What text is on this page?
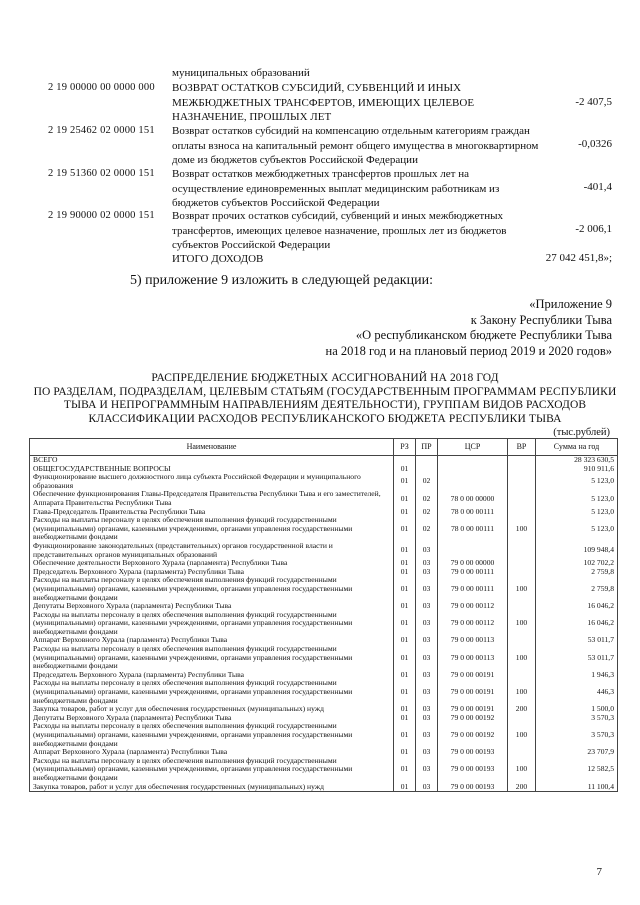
муниципальных образований
2 19 00000 00 0000 000 ВОЗВРАТ ОСТАТКОВ СУБСИДИЙ, СУБВЕНЦИЙ И ИНЫХ МЕЖБЮДЖЕТНЫХ ТРАНСФЕРТОВ, ИМЕЮЩИХ ЦЕЛЕВОЕ НАЗНАЧЕНИЕ, ПРОШЛЫХ ЛЕТ
-2 407,5
2 19 25462 02 0000 151 Возврат остатков субсидий на компенсацию отдельным категориям граждан оплаты взноса на капитальный ремонт общего имущества в многоквартирном доме из бюджетов субъектов Российской Федерации
-0,0326
2 19 51360 02 0000 151 Возврат остатков межбюджетных трансфертов прошлых лет на осуществление единовременных выплат медицинским работникам из бюджетов субъектов Российской Федерации
-401,4
2 19 90000 02 0000 151 Возврат прочих остатков субсидий, субвенций и иных межбюджетных трансфертов, имеющих целевое назначение, прошлых лет из бюджетов субъектов Российской Федерации
-2 006,1
ИТОГО ДОХОДОВ	27 042 451,8»;
5) приложение 9 изложить в следующей редакции:
«Приложение 9
к Закону Республики Тыва
«О республиканском бюджете Республики Тыва
на 2018 год и на плановый период 2019 и 2020 годов»
РАСПРЕДЕЛЕНИЕ БЮДЖЕТНЫХ АССИГНОВАНИЙ НА 2018 ГОД
ПО РАЗДЕЛАМ, ПОДРАЗДЕЛАМ, ЦЕЛЕВЫМ СТАТЬЯМ (ГОСУДАРСТВЕННЫМ ПРОГРАММАМ РЕСПУБЛИКИ
ТЫВА И НЕПРОГРАММНЫМ НАПРАВЛЕНИЯМ ДЕЯТЕЛЬНОСТИ), ГРУППАМ ВИДОВ РАСХОДОВ
КЛАССИФИКАЦИИ РАСХОДОВ РЕСПУБЛИКАНСКОГО БЮДЖЕТА РЕСПУБЛИКИ ТЫВА
(тыс.рублей)
Наименование	РЗ	ПР	ЦСР	ВР	Сумма на год
ВСЕГО					28 323 630,5
ОБЩЕГОСУДАРСТВЕННЫЕ ВОПРОСЫ	01				910 911,6
Функционирование высшего должностного лица субъекта Российской Федерации и муниципального образования	01	02			5 123,0
Обеспечение функционирования Главы-Председателя Правительства Республики Тыва и его заместителей, Аппарата Правительства Республики Тыва	01	02	78 0 00 00000		5 123,0
Глава-Председатель Правительства Республики Тыва	01	02	78 0 00 00111		5 123,0
Расходы на выплаты персоналу в целях обеспечения выполнения функций государственными (муниципальными) органами, казенными учреждениями, органами управления государственными внебюджетными фондами	01	02	78 0 00 00111	100	5 123,0
Функционирование законодательных (представительных) органов государственной власти и представительных органов муниципальных образований	01	03			109 948,4
Обеспечение деятельности Верховного Хурала (парламента) Республики Тыва	01	03	79 0 00 00000		102 702,2
Председатель Верховного Хурала (парламента) Республики Тыва	01	03	79 0 00 00111		2 759,8
Расходы на выплаты персоналу в целях обеспечения выполнения функций государственными (муниципальными) органами, казенными учреждениями, органами управления государственными внебюджетными фондами	01	03	79 0 00 00111	100	2 759,8
Депутаты Верховного Хурала (парламента) Республики Тыва	01	03	79 0 00 00112		16 046,2
Расходы на выплаты персоналу в целях обеспечения выполнения функций государственными (муниципальными) органами, казенными учреждениями, органами управления государственными внебюджетными фондами	01	03	79 0 00 00112	100	16 046,2
Аппарат Верховного Хурала (парламента) Республики Тыва	01	03	79 0 00 00113		53 011,7
Расходы на выплаты персоналу в целях обеспечения выполнения функций государственными (муниципальными) органами, казенными учреждениями, органами управления государственными внебюджетными фондами	01	03	79 0 00 00113	100	53 011,7
Председатель Верховного Хурала (парламента) Республики Тыва	01	03	79 0 00 00191		1 946,3
Расходы на выплаты персоналу в целях обеспечения выполнения функций государственными (муниципальными) органами, казенными учреждениями, органами управления государственными внебюджетными фондами	01	03	79 0 00 00191	100	446,3
Закупка товаров, работ и услуг для обеспечения государственных (муниципальных) нужд	01	03	79 0 00 00191	200	1 500,0
Депутаты Верховного Хурала (парламента) Республики Тыва	01	03	79 0 00 00192		3 570,3
Расходы на выплаты персоналу в целях обеспечения выполнения функций государственными (муниципальными) органами, казенными учреждениями, органами управления государственными внебюджетными фондами	01	03	79 0 00 00192	100	3 570,3
Аппарат Верховного Хурала (парламента) Республики Тыва	01	03	79 0 00 00193		23 707,9
Расходы на выплаты персоналу в целях обеспечения выполнения функций государственными (муниципальными) органами, казенными учреждениями, органами управления государственными внебюджетными фондами	01	03	79 0 00 00193	100	12 582,5
Закупка товаров, работ и услуг для обеспечения государственных (муниципальных) нужд	01	03	79 0 00 00193	200	11 100,4
7
